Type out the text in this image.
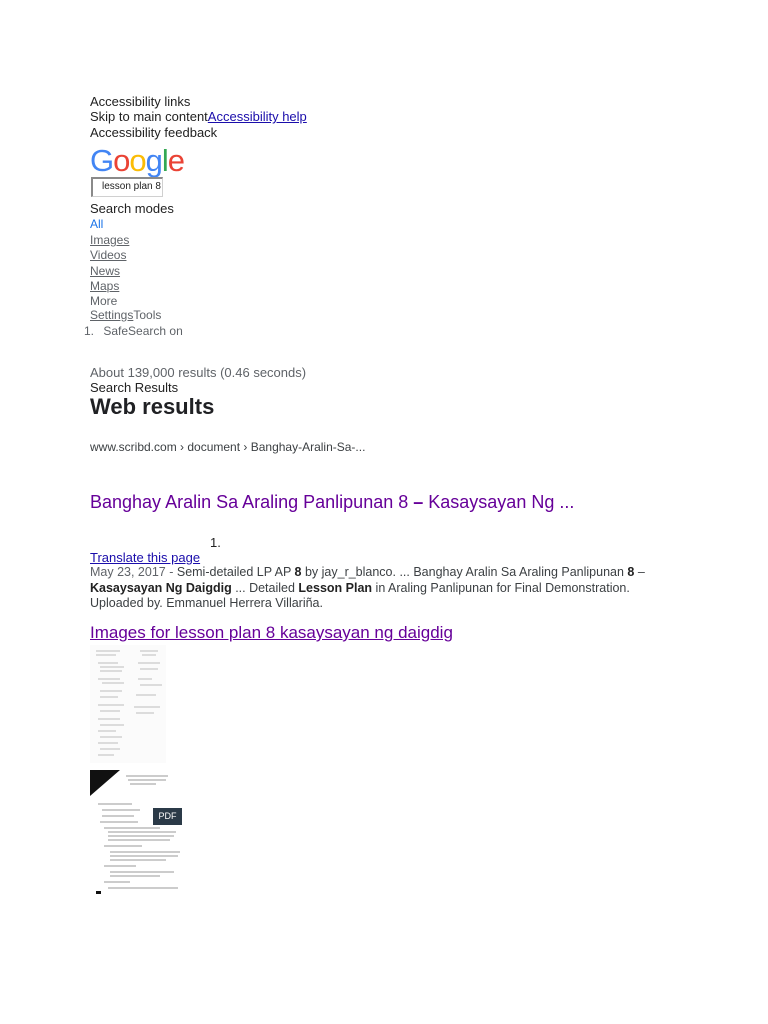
Accessibility links
Skip to main contentAccessibility help
Accessibility feedback
Google
lesson plan 8
Search modes
All
Images
Videos
News
Maps
More
SettingsTools
1. SafeSearch on
About 139,000 results (0.46 seconds)
Search Results
Web results
www.scribd.com › document › Banghay-Aralin-Sa-...
Banghay Aralin Sa Araling Panlipunan 8 – Kasaysayan Ng ...
1.
Translate this page
May 23, 2017 - Semi-detailed LP AP 8 by jay_r_blanco. ... Banghay Aralin Sa Araling Panlipunan 8 – Kasaysayan Ng Daigdig ... Detailed Lesson Plan in Araling Panlipunan for Final Demonstration. Uploaded by. Emmanuel Herrera Villariña.
Images for lesson plan 8 kasaysayan ng daigdig
PDF
